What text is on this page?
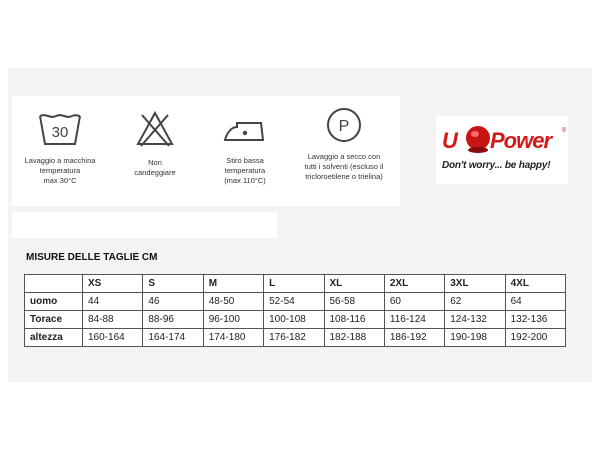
30
Lavaggio a macchina
temperatura
max 30°C
Non
candeggiare
Stiro bassa
temperatura
(max 110°C)
P
Lavaggio a secco con
tutti i solventi (escluso il
tricloroetilene o trielina)
U Power ®
Don't worry... be happy!
MISURE DELLE TAGLIE CM
	XS	S	M	L	XL	2XL	3XL	4XL
uomo	44	46	48-50	52-54	56-58	60	62	64
Torace	84-88	88-96	96-100	100-108	108-116	116-124	124-132	132-136
altezza	160-164	164-174	174-180	176-182	182-188	186-192	190-198	192-200
